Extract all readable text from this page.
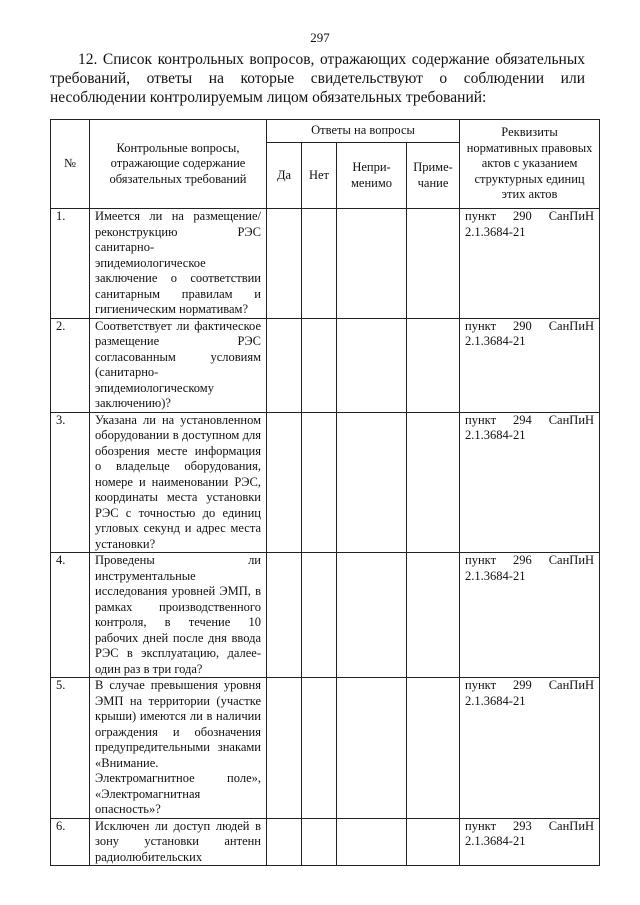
297
12. Список контрольных вопросов, отражающих содержание обязательных требований, ответы на которые свидетельствуют о соблюдении или несоблюдении контролируемым лицом обязательных требований:
№	Контрольные вопросы, отражающие содержание обязательных требований	Ответы на вопросы				Реквизиты нормативных правовых актов с указанием структурных единиц этих актов
		Да	Нет	Непри-менимо	Приме-чание	
1.	Имеется ли на размещение/реконструкцию РЭС санитарно-эпидемиологическое заключение о соответствии санитарным правилам и гигиеническим нормативам?					пункт 290 СанПиН 2.1.3684-21
2.	Соответствует ли фактическое размещение РЭС согласованным условиям (санитарно-эпидемиологическому заключению)?					пункт 290 СанПиН 2.1.3684-21
3.	Указана ли на установленном оборудовании в доступном для обозрения месте информация о владельце оборудования, номере и наименовании РЭС, координаты места установки РЭС с точностью до единиц угловых секунд и адрес места установки?					пункт 294 СанПиН 2.1.3684-21
4.	Проведены ли инструментальные исследования уровней ЭМП, в рамках производственного контроля, в течение 10 рабочих дней после дня ввода РЭС в эксплуатацию, далее-один раз в три года?					пункт 296 СанПиН 2.1.3684-21
5.	В случае превышения уровня ЭМП на территории (участке крыши) имеются ли в наличии ограждения и обозначения предупредительными знаками «Внимание. Электромагнитное поле», «Электромагнитная опасность»?					пункт 299 СанПиН 2.1.3684-21
6.	Исключен ли доступ людей в зону установки антенн радиолюбительских					пункт 293 СанПиН 2.1.3684-21
